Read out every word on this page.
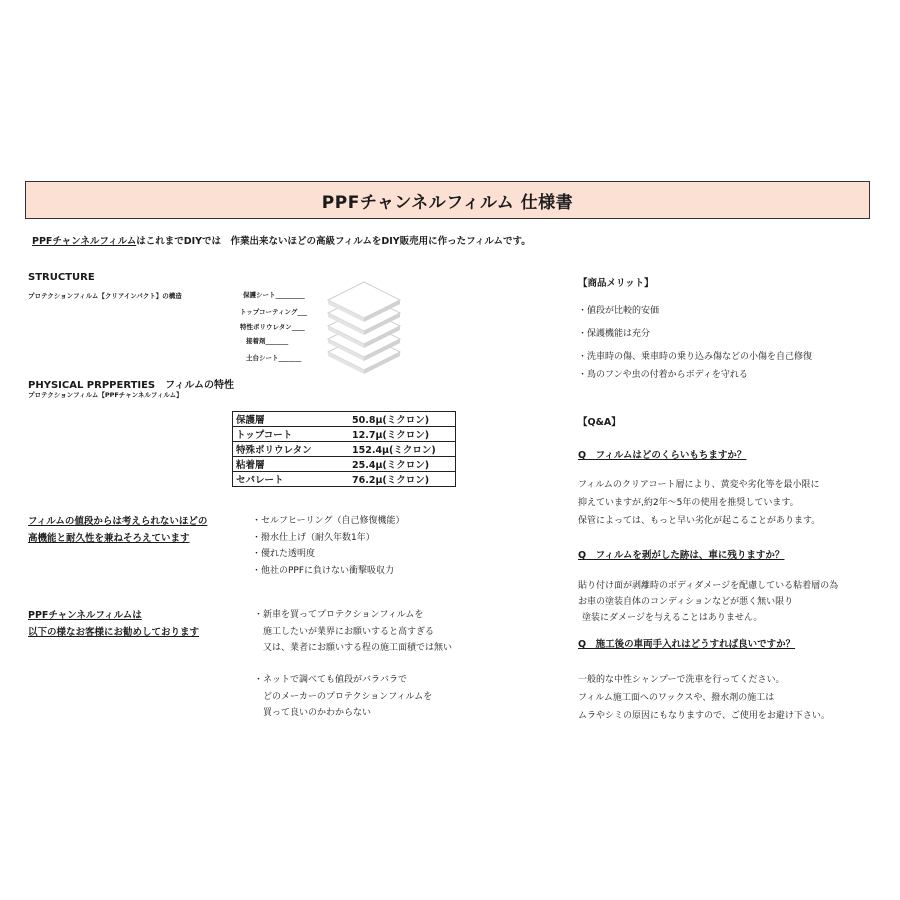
PPFチャンネルフィルム 仕様書
PPFチャンネルフィルムはこれまでDIYでは　作業出来ないほどの高級フィルムをDIY販売用に作ったフィルムです。
STRUCTURE
プロテクションフィルム【クリアインパクト】の構造	保護シート_________
トップコーティング___
特性ポリウレタン____
接着剤_______
土台シート_______
PHYSICAL PRPPERTIES　フィルムの特性
プロテクションフィルム【PPFチャンネルフィルム】
保護層	50.8μ(ミクロン)
トップコート	12.7μ(ミクロン)
特殊ポリウレタン	152.4μ(ミクロン)
粘着層	25.4μ(ミクロン)
セパレート	76.2μ(ミクロン)
フィルムの値段からは考えられないほどの
高機能と耐久性を兼ねそろえています
・セルフヒーリング（自己修復機能）
・撥水仕上げ（耐久年数1年）
・優れた透明度
・他社のPPFに負けない衝撃吸収力
PPFチャンネルフィルムは
以下の様なお客様にお勧めしております
・新車を買ってプロテクションフィルムを
　施工したいが業界にお願いすると高すぎる
　又は、業者にお願いする程の施工面積では無い
・ネットで調べても値段がバラバラで
　どのメーカーのプロテクションフィルムを
　買って良いのかわからない
【商品メリット】
・値段が比較的安価
・保護機能は充分
・洗車時の傷、乗車時の乗り込み傷などの小傷を自己修復
・鳥のフンや虫の付着からボディを守れる
【Q&A】
Q　フィルムはどのくらいもちますか？
フィルムのクリアコート層により、黄変や劣化等を最小限に
抑えていますが,約2年～5年の使用を推奨しています。
保管によっては、もっと早い劣化が起こることがあります。
Q　フィルムを剥がした跡は、車に残りますか？
貼り付け面が剥離時のボディダメージを配慮している粘着層の為
お車の塗装自体のコンディションなどが悪く無い限り
塗装にダメージを与えることはありません。
Q　施工後の車両手入れはどうすれば良いですか？
一般的な中性シャンプーで洗車を行ってください。
フィルム施工面へのワックスや、撥水剤の施工は
ムラやシミの原因にもなりますので、ご使用をお避け下さい。
